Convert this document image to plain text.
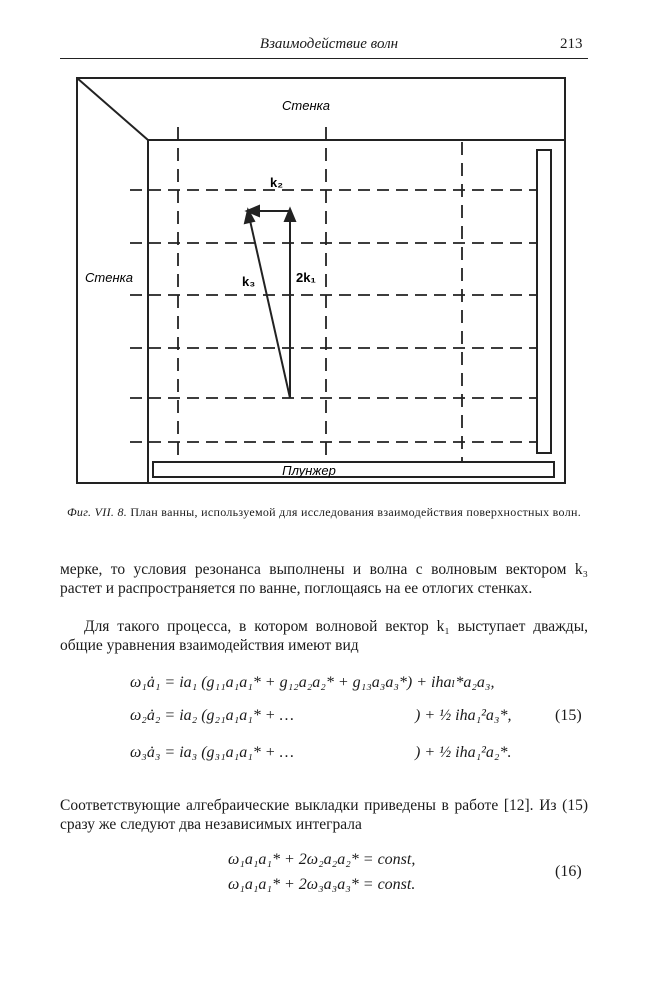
Взаимодействие волн	213
Стенка
Стенка
Плунжер
k₂
k₃	2k₁
Фиг. VII. 8. План ванны, используемой для исследования взаимодействия поверхностных волн.
мерке, то условия резонанса выполнены и волна с волновым вектором k₃ растет и распространяется по ванне, поглощаясь на ее отлогих стенках.
Для такого процесса, в котором волновой вектор k₁ выступает дважды, общие уравнения взаимодействия имеют вид
ω₁ȧ₁ = ia₁ (g₁₁a₁a₁* + g₁₂a₂a₂* + g₁₃a₃a₃*) + ihaₗ*a₂a₃,
ω₂ȧ₂ = ia₂ (g₂₁a₁a₁* + …	) + ½ iha₁²a₃*,
ω₃ȧ₃ = ia₃ (g₃₁a₁a₁* + …	) + ½ iha₁²a₂*.
(15)
Соответствующие алгебраические выкладки приведены в работе [12]. Из (15) сразу же следуют два независимых интеграла
ω₁a₁a₁* + 2ω₂a₂a₂* = const,
ω₁a₁a₁* + 2ω₃a₃a₃* = const.
(16)
